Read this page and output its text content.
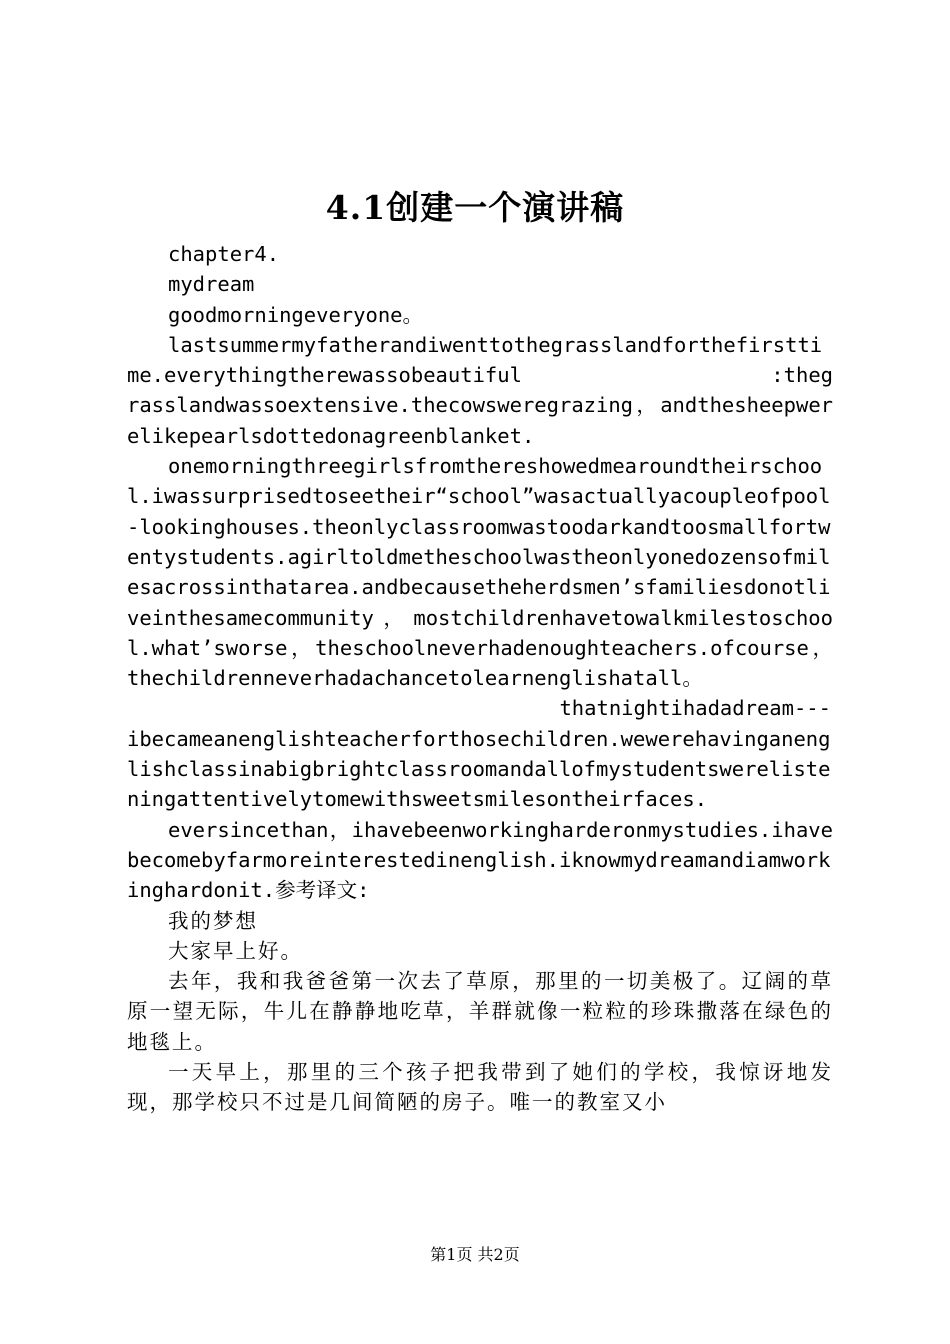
4.1创建一个演讲稿

chapter4.

mydream

goodmorningeveryone。

lastsummermyfatherandiwenttothegrasslandforthefirsttime.everythingtherewassobeautiful　　　　　　　　　　　　:thegrasslandwassoextensive.thecowsweregrazing，andthesheepwerelikepearlsdottedonagreenblanket.

onemorningthreegirlsfromthereshowedmearoundtheirschool.iwassurprisedtoseetheir“school”wasactuallyacoupleofpool-lookinghouses.theonlyclassroomwastoodarkandtoosmallfortwentystudents.agirltoldmetheschoolwastheonlyonedozensofmilesacrossinthatarea.andbecausetheherdsmen’sfamiliesdonotliveinthesamecommunity，mostchildrenhavetowalkmilestoschool.what’sworse，theschoolneverhadenoughteachers.ofcourse，thechildrenneverhadachancetolearnenglishatall。

thatnightihadadream---

ibecameanenglishteacherforthosechildren.wewerehavinganenglishclassinabigbrightclassroomandallofmystudentswerelisteningattentivelytomewithsweetsmilesontheirfaces.

eversincethan，ihavebeenworkingharderonmystudies.ihavebecomebyfarmoreinterestedinenglish.iknowmydreamandiamworkinghardonit.参考译文:

我的梦想

大家早上好。

去年，我和我爸爸第一次去了草原，那里的一切美极了。辽阔的草原一望无际，牛儿在静静地吃草，羊群就像一粒粒的珍珠撒落在绿色的地毯上。

一天早上，那里的三个孩子把我带到了她们的学校，我惊讶地发现，那学校只不过是几间简陋的房子。唯一的教室又小

第1页 共2页
